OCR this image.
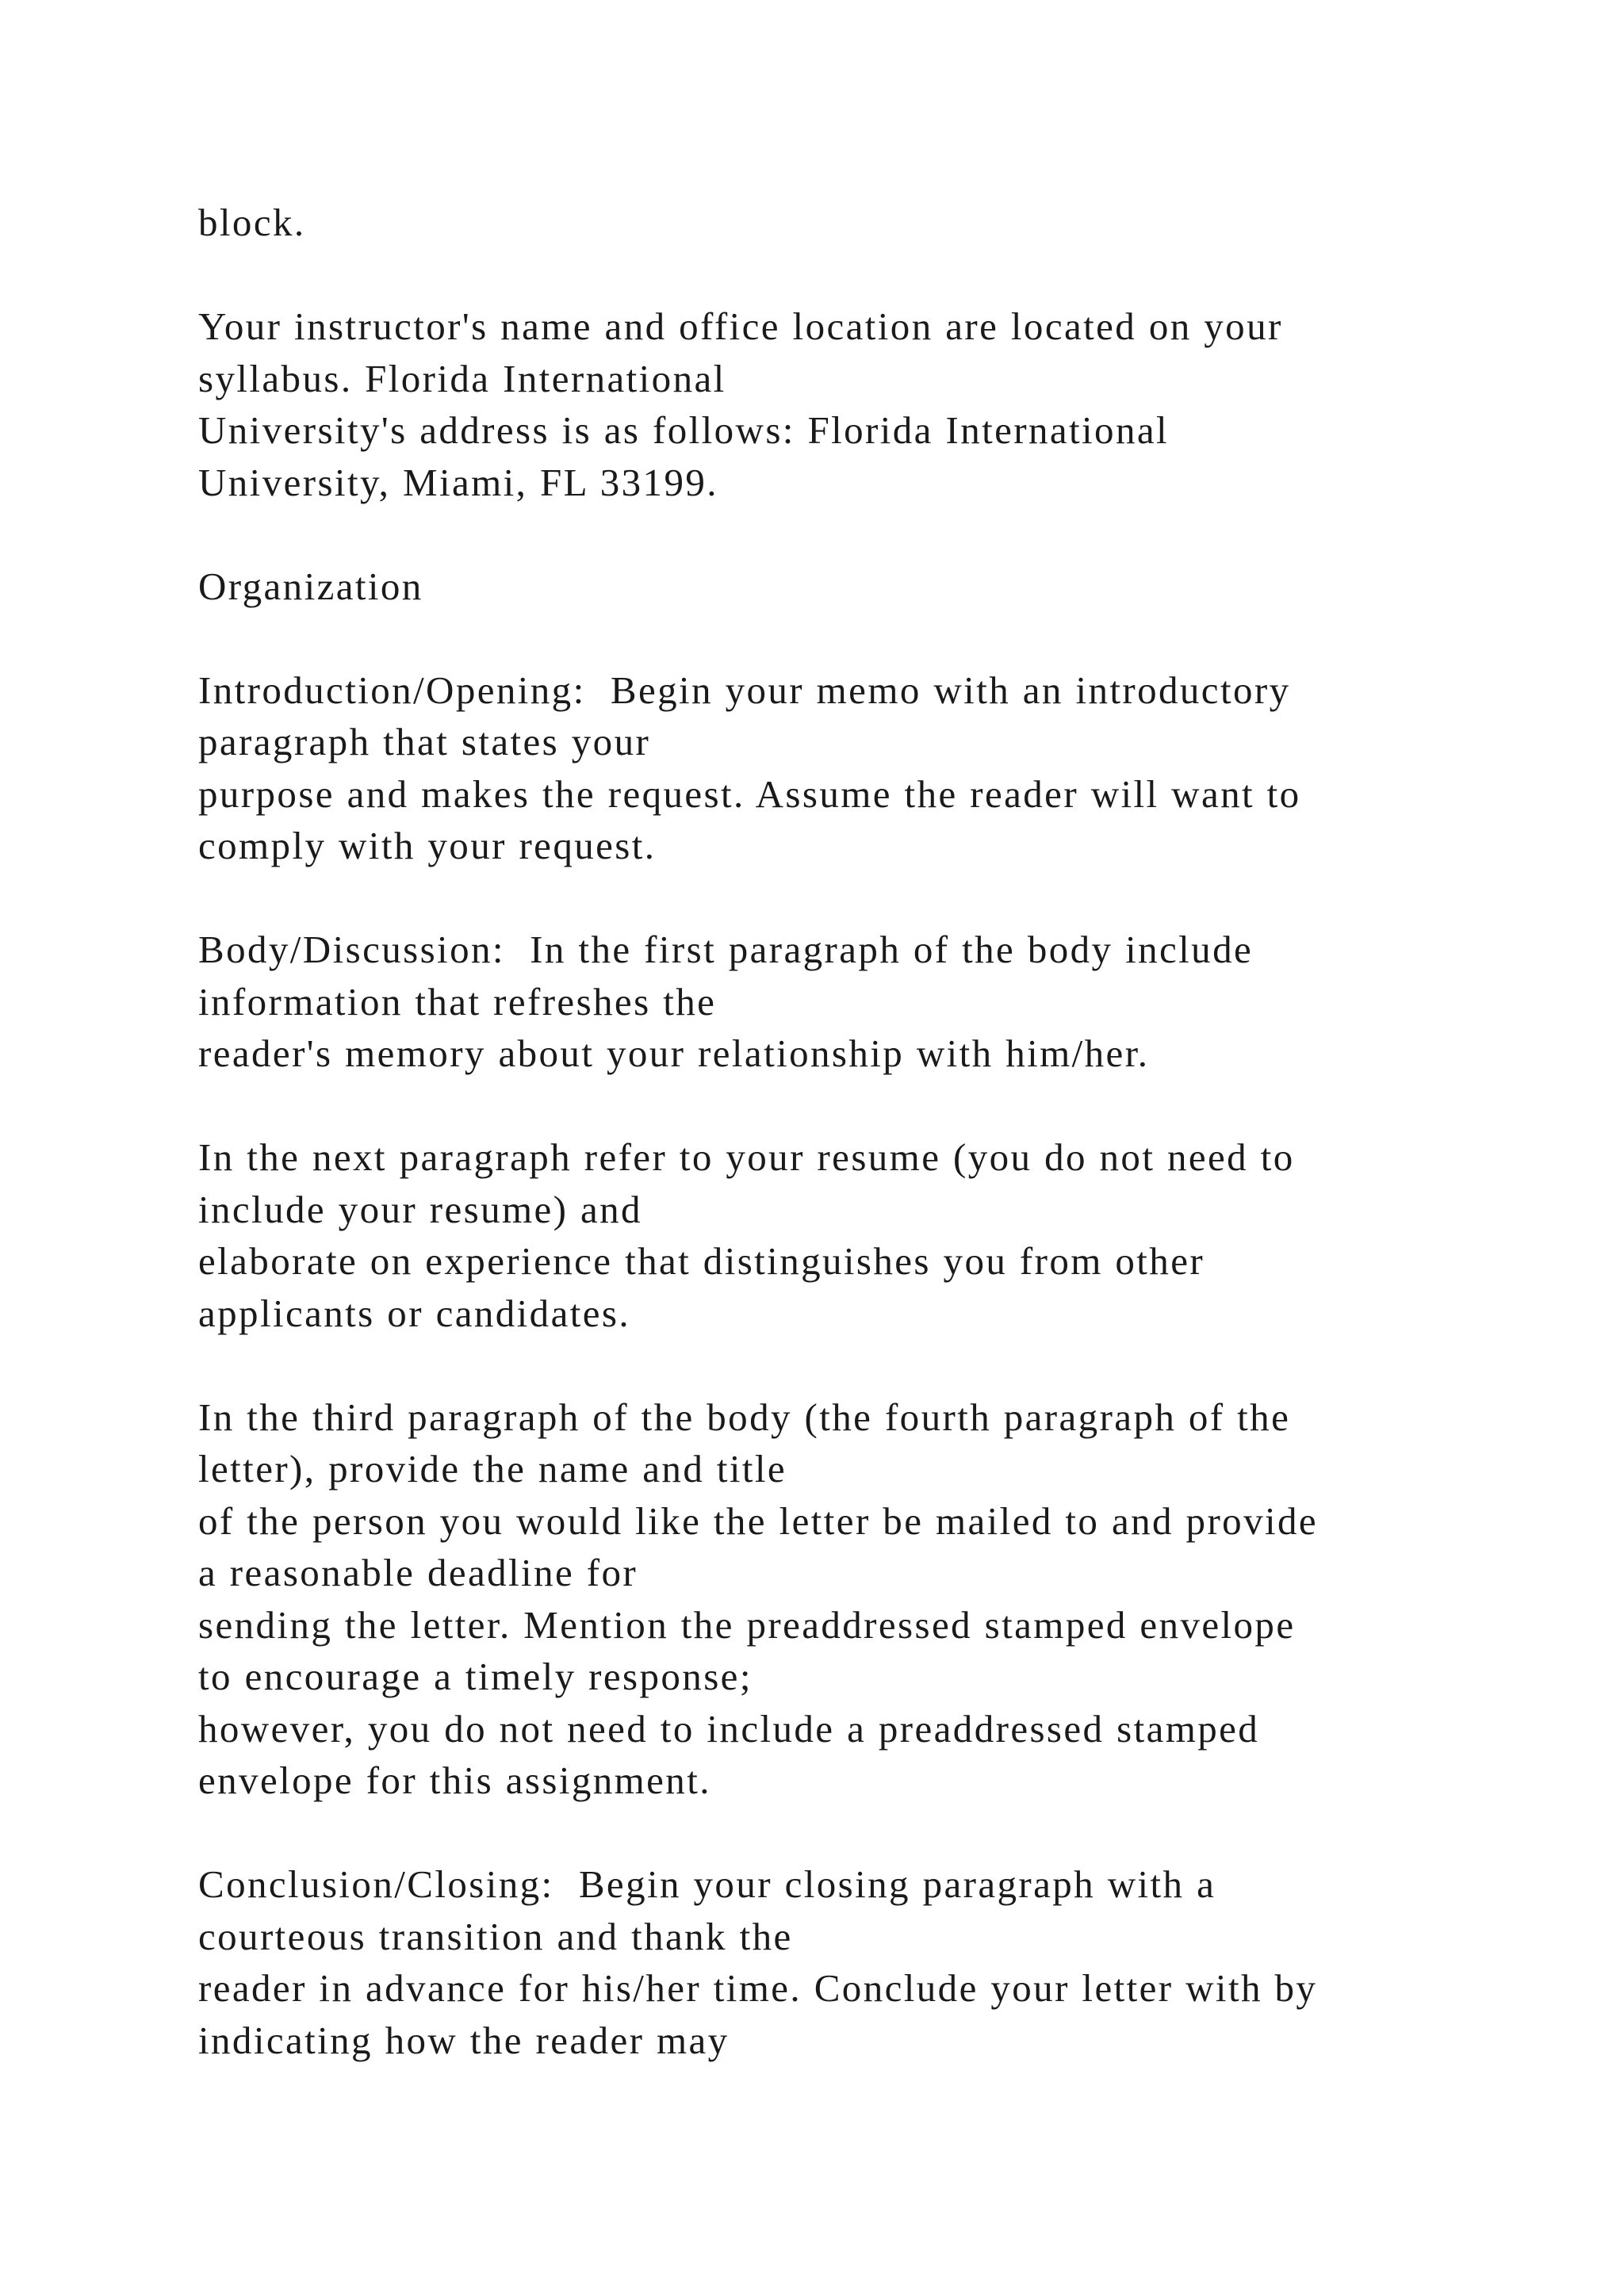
block.

Your instructor's name and office location are located on your
syllabus. Florida International
University's address is as follows: Florida International
University, Miami, FL 33199.

Organization

Introduction/Opening:  Begin your memo with an introductory
paragraph that states your
purpose and makes the request. Assume the reader will want to
comply with your request.

Body/Discussion:  In the first paragraph of the body include
information that refreshes the
reader's memory about your relationship with him/her.

In the next paragraph refer to your resume (you do not need to
include your resume) and
elaborate on experience that distinguishes you from other
applicants or candidates.

In the third paragraph of the body (the fourth paragraph of the
letter), provide the name and title
of the person you would like the letter be mailed to and provide
a reasonable deadline for
sending the letter. Mention the preaddressed stamped envelope
to encourage a timely response;
however, you do not need to include a preaddressed stamped
envelope for this assignment.

Conclusion/Closing:  Begin your closing paragraph with a
courteous transition and thank the
reader in advance for his/her time. Conclude your letter with by
indicating how the reader may
